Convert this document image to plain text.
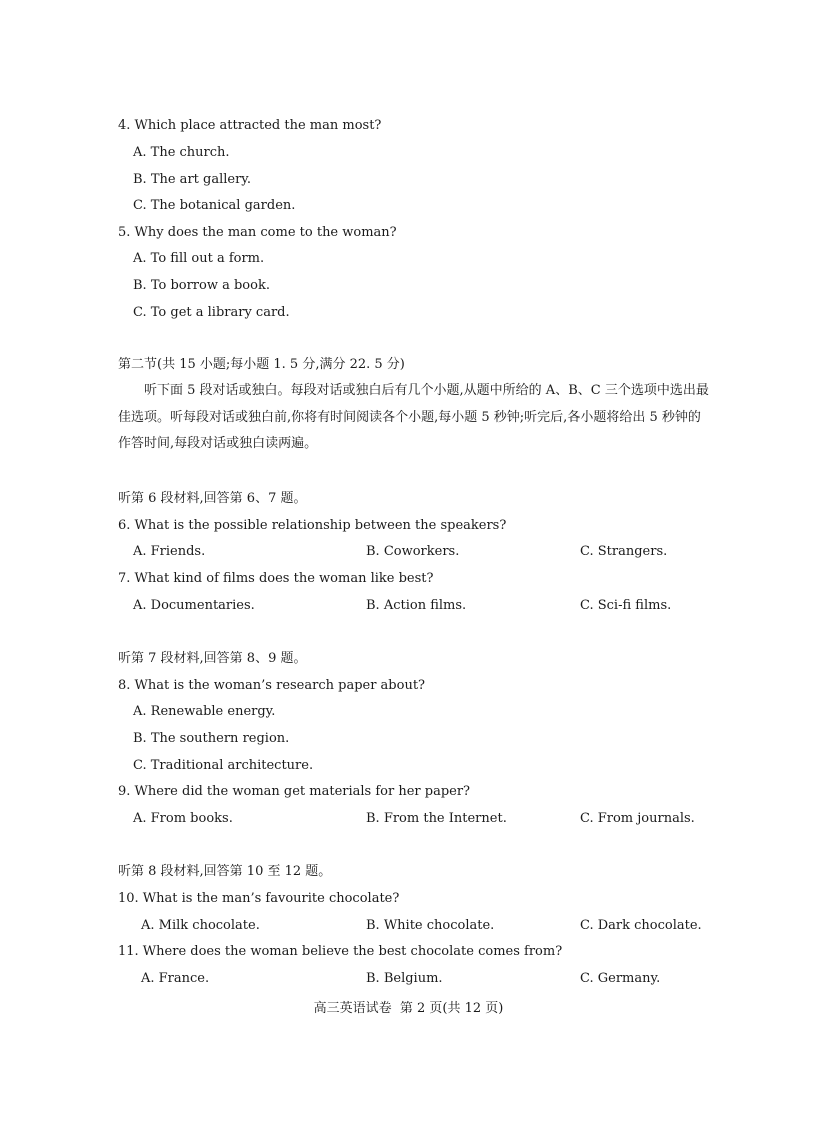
4. Which place attracted the man most?
A. The church.
B. The art gallery.
C. The botanical garden.
5. Why does the man come to the woman?
A. To fill out a form.
B. To borrow a book.
C. To get a library card.
第二节(共 15 小题;每小题 1. 5 分,满分 22. 5 分)
听下面 5 段对话或独白。每段对话或独白后有几个小题,从题中所给的 A、B、C 三个选项中选出最佳选项。听每段对话或独白前,你将有时间阅读各个小题,每小题 5 秒钟;听完后,各小题将给出 5 秒钟的作答时间,每段对话或独白读两遍。
听第 6 段材料,回答第 6、7 题。
6. What is the possible relationship between the speakers?
A. Friends.	B. Coworkers.	C. Strangers.
7. What kind of films does the woman like best?
A. Documentaries.	B. Action films.	C. Sci-fi films.
听第 7 段材料,回答第 8、9 题。
8. What is the woman’s research paper about?
A. Renewable energy.
B. The southern region.
C. Traditional architecture.
9. Where did the woman get materials for her paper?
A. From books.	B. From the Internet.	C. From journals.
听第 8 段材料,回答第 10 至 12 题。
10. What is the man’s favourite chocolate?
A. Milk chocolate.	B. White chocolate.	C. Dark chocolate.
11. Where does the woman believe the best chocolate comes from?
A. France.	B. Belgium.	C. Germany.
高三英语试卷  第 2 页(共 12 页)
